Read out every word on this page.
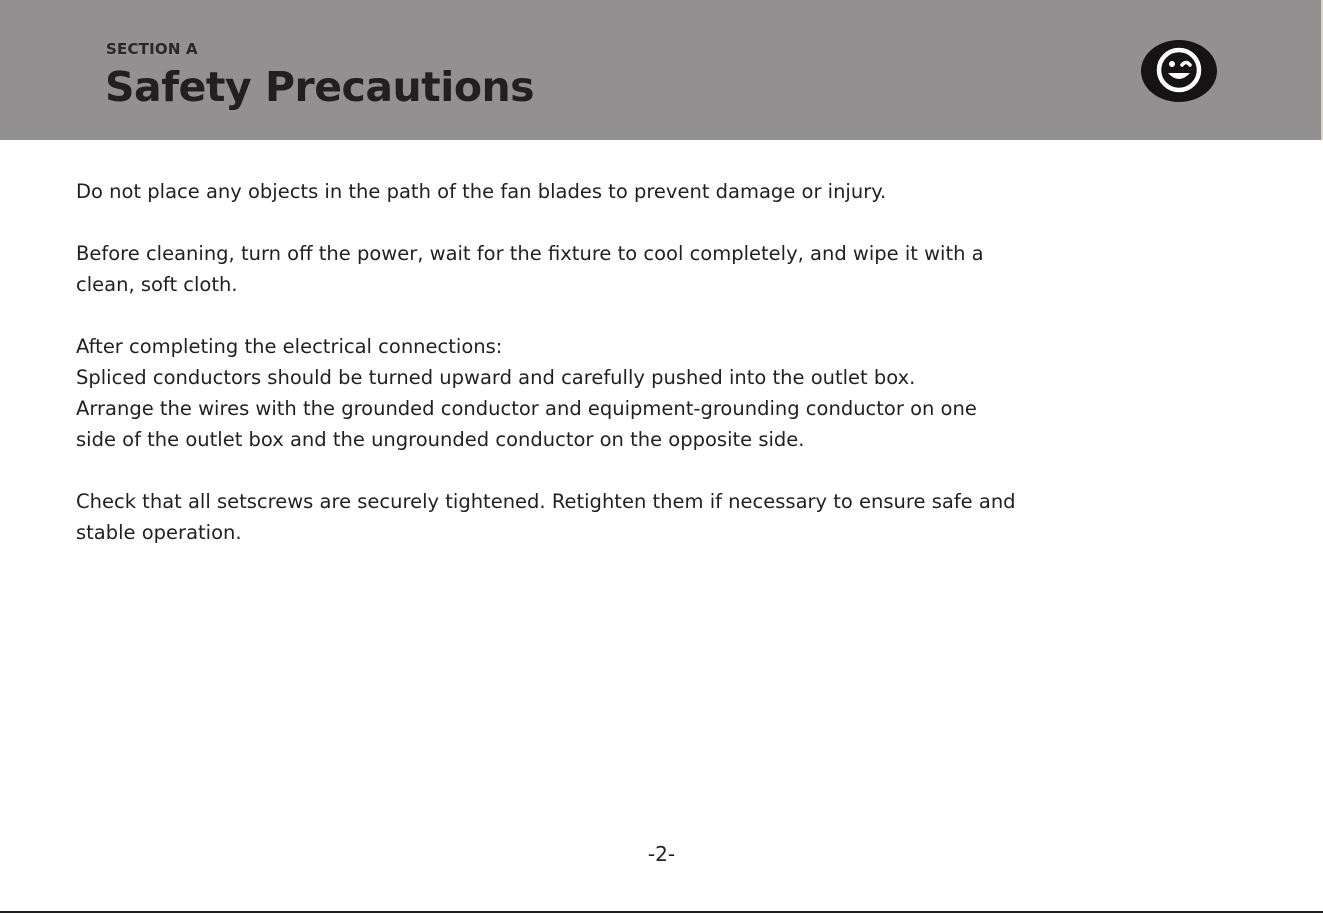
SECTION A
Safety Precautions

Do not place any objects in the path of the fan blades to prevent damage or injury.

Before cleaning, turn off the power, wait for the fixture to cool completely, and wipe it with a
clean, soft cloth.

After completing the electrical connections:
Spliced conductors should be turned upward and carefully pushed into the outlet box.
Arrange the wires with the grounded conductor and equipment-grounding conductor on one
side of the outlet box and the ungrounded conductor on the opposite side.

Check that all setscrews are securely tightened. Retighten them if necessary to ensure safe and
stable operation.

-2-
